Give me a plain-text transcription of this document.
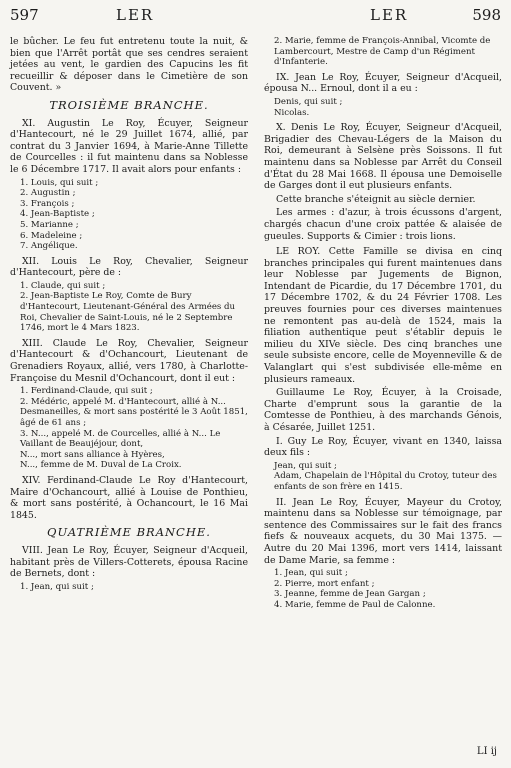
597	LER	LER	598

le bûcher. Le feu fut entretenu toute la nuit, & bien que l'Arrêt portât que ses cendres seraient jetées au vent, le gardien des Capucins les fit recueillir & déposer dans le Cimetière de son Couvent. »

TROISIÈME BRANCHE.

XI. Augustin Le Roy, Écuyer, Seigneur d'Hantecourt, né le 29 Juillet 1674, allié, par contrat du 3 Janvier 1694, à Marie-Anne Tillette de Courcelles : il fut maintenu dans sa Noblesse le 6 Décembre 1717. Il avait alors pour enfants :

1. Louis, qui suit ;
2. Augustin ;
3. François ;
4. Jean-Baptiste ;
5. Marianne ;
6. Madeleine ;
7. Angélique.

XII. Louis Le Roy, Chevalier, Seigneur d'Hantecourt, père de :

1. Claude, qui suit ;
2. Jean-Baptiste Le Roy, Comte de Bury d'Hantecourt, Lieutenant-Général des Armées du Roi, Chevalier de Saint-Louis, né le 2 Septembre 1746, mort le 4 Mars 1823.

XIII. Claude Le Roy, Chevalier, Seigneur d'Hantecourt & d'Ochancourt, Lieutenant de Grenadiers Royaux, allié, vers 1780, à Charlotte-Françoise du Mesnil d'Ochancourt, dont il eut :

1. Ferdinand-Claude, qui suit ;
2. Médéric, appelé M. d'Hantecourt, allié à N... Desmaneilles, & mort sans postérité le 3 Août 1851, âgé de 61 ans ;
3. N..., appelé M. de Courcelles, allié à N... Le Vaillant de Beaujéjour, dont,
N..., mort sans alliance à Hyères,
N..., femme de M. Duval de La Croix.

XIV. Ferdinand-Claude Le Roy d'Hantecourt, Maire d'Ochancourt, allié à Louise de Ponthieu, & mort sans postérité, à Ochancourt, le 16 Mai 1845.

QUATRIÈME BRANCHE.

VIII. Jean Le Roy, Écuyer, Seigneur d'Acqueil, habitant près de Villers-Cotterets, épousa Racine de Bernets, dont :

1. Jean, qui suit ;
2. Marie, femme de François-Annibal, Vicomte de Lambercourt, Mestre de Camp d'un Régiment d'Infanterie.

IX. Jean Le Roy, Écuyer, Seigneur d'Acqueil, épousa N... Ernoul, dont il a eu :

Denis, qui suit ;
Nicolas.

X. Denis Le Roy, Écuyer, Seigneur d'Acqueil, Brigadier des Chevau-Légers de la Maison du Roi, demeurant à Selsène près Soissons. Il fut maintenu dans sa Noblesse par Arrêt du Conseil d'État du 28 Mai 1668. Il épousa une Demoiselle de Garges dont il eut plusieurs enfants.

Cette branche s'éteignit au siècle dernier.

Les armes : d'azur, à trois écussons d'argent, chargés chacun d'une croix pattée & alaisée de gueules. Supports & Cimier : trois lions.

LE ROY. Cette Famille se divisa en cinq branches principales qui furent maintenues dans leur Noblesse par Jugements de Bignon, Intendant de Picardie, du 17 Décembre 1701, du 17 Décembre 1702, & du 24 Février 1708. Les preuves fournies pour ces diverses maintenues ne remontent pas au-delà de 1524, mais la filiation authentique peut s'établir depuis le milieu du XIVe siècle. Des cinq branches une seule subsiste encore, celle de Moyenneville & de Valanglart qui s'est subdivisée elle-même en plusieurs rameaux.

Guillaume Le Roy, Écuyer, à la Croisade, Charte d'emprunt sous la garantie de la Comtesse de Ponthieu, à des marchands Génois, à Césarée, Juillet 1251.

I. Guy Le Roy, Écuyer, vivant en 1340, laissa deux fils :

Jean, qui suit ;
Adam, Chapelain de l'Hôpital du Crotoy, tuteur des enfants de son frère en 1415.

II. Jean Le Roy, Écuyer, Mayeur du Crotoy, maintenu dans sa Noblesse sur témoignage, par sentence des Commissaires sur le fait des francs fiefs & nouveaux acquets, du 30 Mai 1375. — Autre du 20 Mai 1396, mort vers 1414, laissant de Dame Marie, sa femme :

1. Jean, qui suit ;
2. Pierre, mort enfant ;
3. Jeanne, femme de Jean Gargan ;
4. Marie, femme de Paul de Calonne.
LI ij
